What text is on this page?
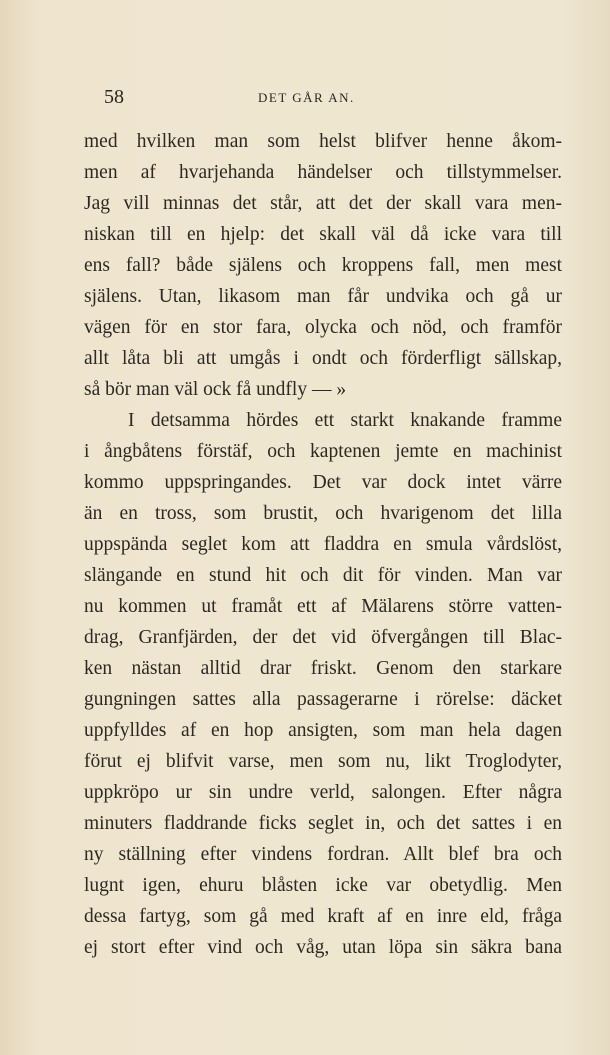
58	DET GÅR AN.
med hvilken man som helst blifver henne åkom-
men af hvarjehanda händelser och tillstymmelser.
Jag vill minnas det står, att det der skall vara men-
niskan till en hjelp: det skall väl då icke vara till
ens fall? både själens och kroppens fall, men mest
själens. Utan, likasom man får undvika och gå ur
vägen för en stor fara, olycka och nöd, och framför
allt låta bli att umgås i ondt och förderfligt sällskap,
så bör man väl ock få undfly — »
I detsamma hördes ett starkt knakande framme
i ångbåtens förstäf, och kaptenen jemte en machinist
kommo uppspringandes. Det var dock intet värre
än en tross, som brustit, och hvarigenom det lilla
uppspända seglet kom att fladdra en smula vårdslöst,
slängande en stund hit och dit för vinden. Man var
nu kommen ut framåt ett af Mälarens större vatten-
drag, Granfjärden, der det vid öfvergången till Blac-
ken nästan alltid drar friskt. Genom den starkare
gungningen sattes alla passagerarne i rörelse: däcket
uppfylldes af en hop ansigten, som man hela dagen
förut ej blifvit varse, men som nu, likt Troglodyter,
uppkröpo ur sin undre verld, salongen. Efter några
minuters fladdrande ficks seglet in, och det sattes i en
ny ställning efter vindens fordran. Allt blef bra och
lugnt igen, ehuru blåsten icke var obetydlig. Men
dessa fartyg, som gå med kraft af en inre eld, fråga
ej stort efter vind och våg, utan löpa sin säkra bana
